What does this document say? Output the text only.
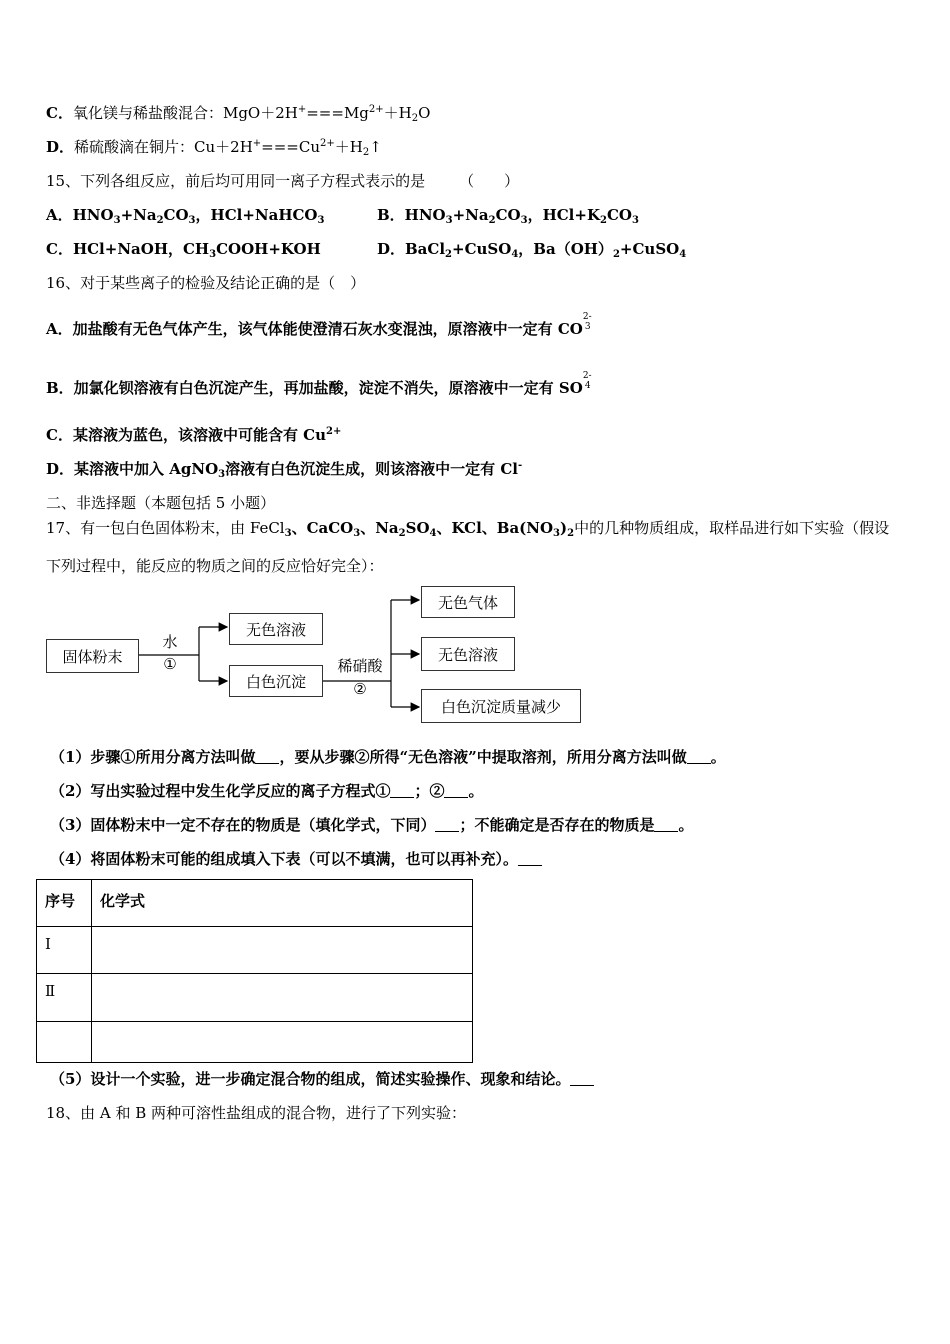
C．氧化镁与稀盐酸混合：$MgO+2H^+===Mg^{2+}+H_2O$
D．稀硫酸滴在铜片：$Cu+2H^+===Cu^{2+}+H_2↑$
15、下列各组反应，前后均可用同一离子方程式表示的是 （　　）
A．$HNO_3+Na_2CO_3$，HCl+NaHCO$_3$	B．$HNO_3+Na_2CO_3$，$HCl+K_2CO_3$
C．HCl+NaOH，$CH_3COOH+KOH$	D．BaCl$_2$+CuSO$_4$，$Ba(OH)_2+CuSO_4$
16、对于某些离子的检验及结论正确的是（　）
A．加盐酸有无色气体产生，该气体能使澄清石灰水变混浊，原溶液中一定有 CO
2-
3
B．加氯化钡溶液有白色沉淀产生，再加盐酸，淀淀不消失，原溶液中一定有 SO
2-
4
C．某溶液为蓝色，该溶液中可能含有 $Cu^{2+}$
D．某溶液中加入 AgNO$_3$溶液有白色沉淀生成，则该溶液中一定有 Cl-
二、非选择题（本题包括 5 小题）
17、有一包白色固体粉末，由 FeCl$_3$、CaCO$_3$、$Na_2SO_4$、KCl、$Ba(NO_3)_2$中的几种物质组成，取样品进行如下实验（假设
下列过程中，能反应的物质之间的反应恰好完全）：
固体粉末
水
①
无色溶液
白色沉淀
稀硝酸
②
无色气体
无色溶液
白色沉淀质量减少
（1）步骤①所用分离方法叫做 ，要从步骤②所得“无色溶液”中提取溶剂，所用分离方法叫做 。
（2）写出实验过程中发生化学反应的离子方程式① ；② 。
（3）固体粉末中一定不存在的物质是（填化学式，下同） ；不能确定是否存在的物质是 。
（4）将固体粉末可能的组成填入下表（可以不填满，也可以再补充）。
序号	化学式
Ⅰ	
Ⅱ	

（5）设计一个实验，进一步确定混合物的组成，简述实验操作、现象和结论。
18、由 A 和 B 两种可溶性盐组成的混合物，进行了下列实验：
